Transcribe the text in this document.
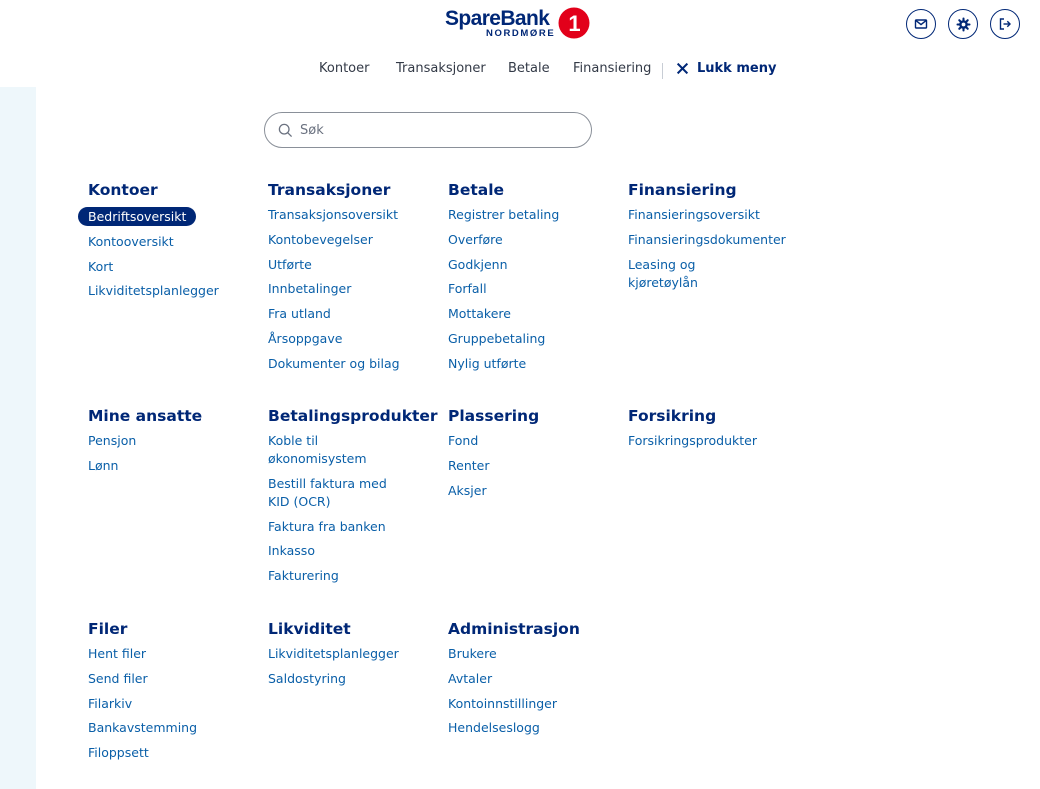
SpareBank
NORDMØRE 1
Kontoer Transaksjoner Betale Finansiering	Lukk meny
Søk
Kontoer
Bedriftsoversikt

Kontooversikt
Kort
Likviditetsplanlegger
Transaksjoner
Transaksjonsoversikt
Kontobevegelser
Utførte
Innbetalinger
Fra utland
Årsoppgave
Dokumenter og bilag
Betale
Registrer betaling
Overføre
Godkjenn
Forfall
Mottakere
Gruppebetaling
Nylig utførte
Finansiering
Finansieringsoversikt
Finansieringsdokumenter
Leasing og kjøretøylån
Mine ansatte
Pensjon
Lønn
Betalingsprodukter
Koble til økonomisystem
Bestill faktura med KID (OCR)
Faktura fra banken
Inkasso
Fakturering
Plassering
Fond
Renter
Aksjer
Forsikring
Forsikringsprodukter
Filer
Hent filer
Send filer
Filarkiv
Bankavstemming
Filoppsett
Likviditet
Likviditetsplanlegger
Saldostyring
Administrasjon
Brukere
Avtaler
Kontoinnstillinger
Hendelseslogg
